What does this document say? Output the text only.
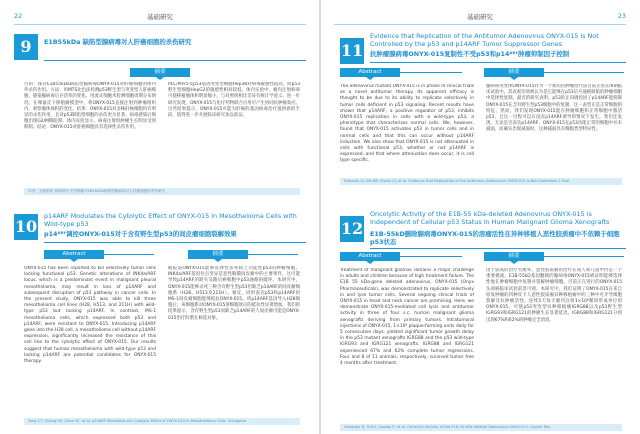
22	基础研究
9	E1B55kDa 缺陷型腺病毒对人肝癌细胞的杀伤研究
摘要
目的：探讨E1B55kDa缺陷型腺病毒ONYX-015对肝癌细胞的体内外杀伤作用。方法：用MTS比色法检测p53野生型与突变型人肝癌细胞，感染腺病毒后存活率的变化。用流式细胞术检测细胞周期分布情况。在裸鼠皮下移植瘤模型中，将ONYX-015直接注射到肿瘤组织内，观察瘤体体积的变化。结果：ONYX-015对多株肝癌细胞均有明显的杀伤作用，且对p53缺陷型细胞的杀伤更为显著。病毒感染后细胞出现G2/M期阻滞。体内实验显示，病毒注射组肿瘤生长明显受到抑制。结论：ONYX-015对肝癌细胞具有选择性杀伤作用。
PLC/PRF5及p53基因突变型细胞Hep3B对病毒敏感性较高，而p53野生型细胞HepG2的敏感性相对较低。体内实验中，瘤内注射病毒可使移植瘤体积明显缩小，与对照组相比差异有统计学意义。进一步研究发现，ONYX-015与化疗药物联合应用可产生协同抗肿瘤效应。这些结果提示，ONYX-015可能为肝癌的基因病毒治疗提供新的手段，值得进一步开展临床研究加以验证。
作者：文献来源 基础研究 中国肿瘤 E1B55kDa缺陷型腺病毒对人肝癌细胞的杀伤研究
10
p14ARF Modulates the Cytolytic Effect of ONYX-015 in Mesothelioma Cells with Wild-type p53
p14ᴬᴿᶠ调控ONYX-015对于含有野生型p53的间皮瘤细胞裂解效果
Abstract	摘要
ONYX-015 has been reported to kill selectively tumor cells lacking functional p53. Genetic alterations of INK4a/ARF locus, which is a predominant event in malignant pleural mesothelioma, may result in loss of p14ARF and subsequent disruption of p53 pathway in cancer cells. In the present study, ONYX-015 was able to kill three mesothelioma cell lines (H28, H513, and 211H) with wild-type p53 but lacking p14ARF. In contrast, MS-1 mesothelioma cells, which expressed both p53 and p14ARF, were resistant to ONYX-015. Introducing p14ARF gene into the H28 cell, a mesothelioma cell without p14ARF expression, significantly increased the resistance of this cell line to the cytolytic effect of ONYX-015. Our results suggest that human mesothelioma with wild-type p53 and lacking p14ARF are potential candidates for ONYX-015 therapy.
据报道ONYX-015能够选择性杀死缺乏功能性p53的肿瘤细胞。INK4a/ARF基因位点变异是恶性胸膜间皮瘤中的主要事件，这可能导致p14ARF的缺失及随后癌细胞中p53通路的破坏。本研究中，ONYX-015能够杀死三种含有野生型p53但缺乏p14ARF的间皮瘤细胞系（H28、H513及211H）。相反，同时表达p53和p14ARF的MS-1间皮瘤细胞能够抵抗ONYX-015。将p14ARF基因导入H28细胞后，该细胞系对ONYX-015溶细胞效应的抵抗性显著增加。我们的结果提示，含有野生型p53而缺乏p14ARF的人间皮瘤可能是ONYX-015治疗的潜在候选对象。
Yang CT, Chang HK, Chen YC, et al. p14ARF Modulates the Cytolytic Effect of ONYX-015 in Mesothelioma Cells. Oncogene
基础研究	23
11
Evidence that Replication of the Antitumor Adenovirus ONYX-015 is Not Controlled by the p53 and p14ARF Tumor Suppressor Genes
抗肿瘤腺病毒ONYX-015复制性不受p53和p14ᴬᴿᶠ肿瘤抑制因子控制
Abstract	摘要
The adenovirus mutant ONYX-015 is in phase III clinical trials as a novel antitumor therapy. Its apparent efficacy is thought to be due to its ability to replicate selectively in tumor cells deficient in p53 signaling. Recent results have shown that p14ARF, a positive regulator of p53, inhibits ONYX-015 replication in cells with a wild-type p53, a phenotype that characterizes normal cells. We, however, found that ONYX-015 activates p53 in tumor cells and in normal cells and that this can occur without p14ARF induction. We also show that ONYX-015 is not attenuated in cells with functional p53, whether or not p14ARF is expressed, and that where attenuation does occur, it is cell type specific.
腺病毒突变体ONYX-015作为一个新的抗肿瘤治疗法目前正处在III期临床试验中。其表观功效被认为是它能够在p53信号通路缺陷的肿瘤细胞中选择性复制。最近的研究表明，p53的正向调控因子p14ARF能抑制ONYX-015在含有野生型p53细胞中的复制，这一表型正是正常细胞的特征。然而，我们发现ONYX-015能在肿瘤细胞和正常细胞中激活p53，且这一过程可以在没有p14ARF诱导的情况下发生。我们还发现，无论是否表达p14ARF，ONYX-015在p53功能正常的细胞中并未减弱，而确实出现减弱时，这种减弱具有细胞类型特异性。
Edwards SJ, Dix BR, Myers CJ, et al. Evidence that Replication of the Antitumor Adenovirus ONYX-015 is Not Controlled. J Virol
12
Oncolytic Activity of the E1B-55 kDa-deleted Adenovirus ONYX-015 is Independent of Cellular p53 Status in Human Malignant Glioma Xenografts
E1B-55kD删除腺病毒ONYX-015的溶瘤活性在异种移植人恶性胶质瘤中不依赖于细胞p53状态
Abstract	摘要
Treatment of malignant gliomas remains a major challenge in adults and children because of high treatment failure. The E1B 55 kDa-gene deleted adenovirus, ONYX-015 (Onyx Pharmaceuticals), was demonstrated to replicate selectively in and lyse tumor cells. Several ongoing clinical trials of ONYX-015 in head and neck cancer are promising. Here, we demonstrate ONYX-015-mediated cell lysis and antitumor activity in three of four s.c. human malignant glioma xenografts deriving from primary tumors. Intratumoral injections of ONYX-015, 1×10⁸ plaque-forming units daily for 5 consecutive days, yielded significant tumor growth delay in the p53 mutant xenografts IGRG88 and the p53 wild-type IGRG93 and IGRG121 xenografts. IGRG88 and IGRG121 experienced 67% and 62% complete tumor regressions. Four and 8 of 11 animals, respectively, survived tumor free 4 months after treatment.
由于较高的治疗失败率，恶性胶质瘤的治疗在成人和儿童中仍是一个重要挑战。E1B-55kD基因删除的腺病毒ONYX-015被证明能够选择性地在肿瘤细胞中复制并裂解肿瘤细胞。目前正在进行的ONYX-015头颈癌临床试验前景可观。本研究中，我们证明了ONYX-015在来自原发肿瘤的四种皮下人恶性胶质瘤异种移植瘤中的三种中可介导细胞裂解及抗肿瘤活性。连续5天每天瘤内注射1×10⁸噬斑形成单位的ONYX-015，可使p53突变型异种移植瘤IGRG88以及p53野生型IGRG93和IGRG121的肿瘤生长显著延迟。IGRG88和IGRG121分别出现67%和62%的肿瘤完全消退。
Geoerger B, Grill J, Opolon P, et al. Oncolytic Activity of the E1B-55 kDa-deleted Adenovirus ONYX-015. Cancer Res
